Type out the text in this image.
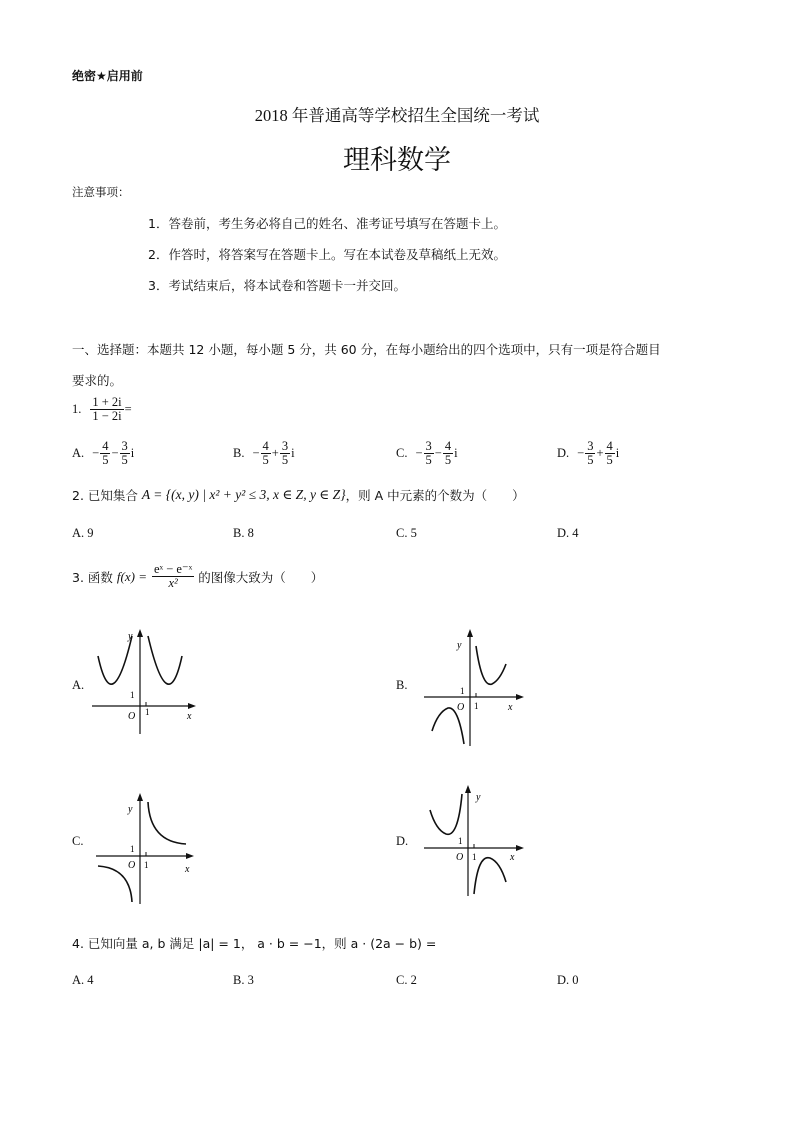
绝密★启用前
2018 年普通高等学校招生全国统一考试
理科数学
注意事项：
1．答卷前，考生务必将自己的姓名、准考证号填写在答题卡上。
2．作答时，将答案写在答题卡上。写在本试卷及草稿纸上无效。
3．考试结束后，将本试卷和答题卡一并交回。
一、选择题：本题共 12 小题，每小题 5 分，共 60 分，在每小题给出的四个选项中，只有一项是符合题目
要求的。
1. $\frac{1 + 2i}{1 - 2i}$ =
A. − $\frac{4}{5} - \frac{3}{5}$ i	B. − $\frac{4}{5} + \frac{3}{5}$ i	C. − $\frac{3}{5} - \frac{4}{5}$ i	D. − $\frac{3}{5} + \frac{4}{5}$ i
2. 已知集合 A = {(x, y) | x² + y² ≤ 3, x ∈ Z, y ∈ Z} ，则 A 中元素的个数为（　　）
A. 9	B. 8	C. 5	D. 4
3. 函数 $f(x) = \frac{\text{eˣ − e⁻ˣ}}{\text{x²}}$ 的图像大致为（　　）
A.	B.
C.	D.
y
x
O 1
1
y
x
O 1
1
y
x
O 1
1
y
x
O 1
1
4. 已知向量 a, b 满足 |a| = 1， a · b = −1，则 a · (2a − b) =
A. 4	B. 3	C. 2	D. 0
